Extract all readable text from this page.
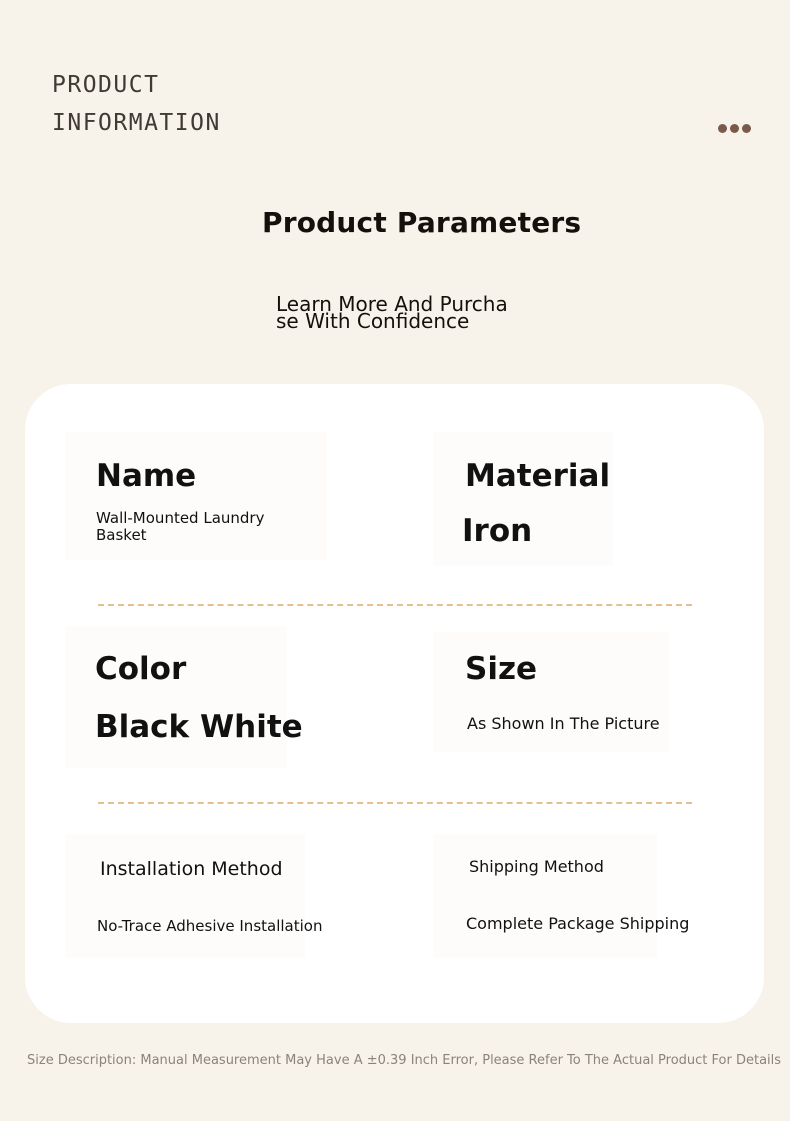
PRODUCT
INFORMATION
Product Parameters
Learn More And Purchase With Confidence
Name
Wall-Mounted Laundry Basket
Material
Iron
Color
Black White
Size
As Shown In The Picture
Installation Method
No-Trace Adhesive Installation
Shipping Method
Complete Package Shipping
Size Description: Manual Measurement May Have A ±0.39 Inch Error, Please Refer To The Actual Product For Details
